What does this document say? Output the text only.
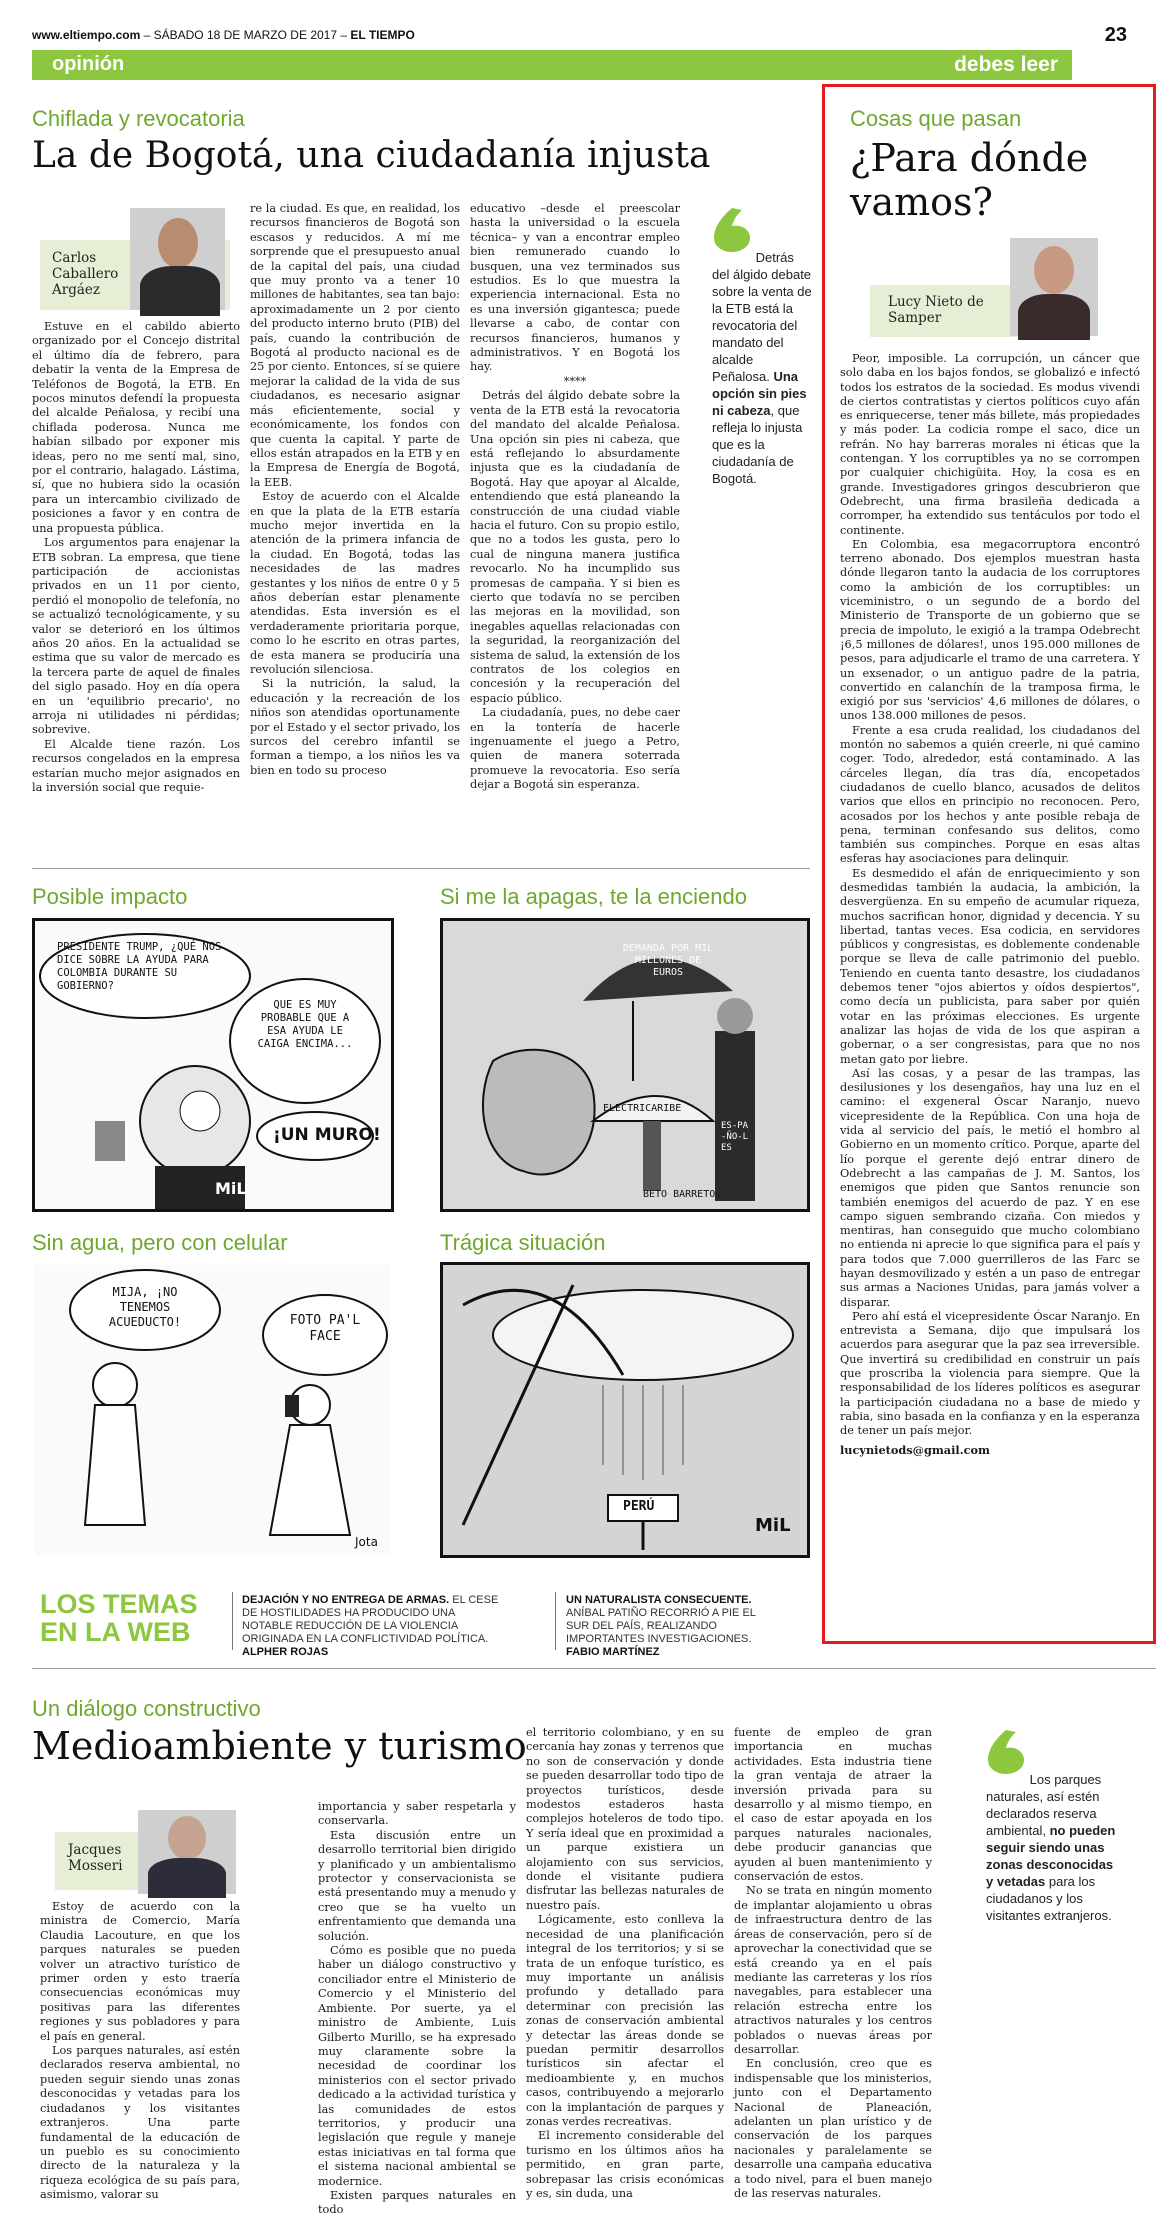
www.eltiempo.com – SÁBADO 18 DE MARZO DE 2017 – EL TIEMPO	23
opinión	debes leer
Chiflada y revocatoria
La de Bogotá, una ciudadanía injusta
Carlos Caballero Argáez

Estuve en el cabildo abierto organizado por el Concejo distrital el último día de febrero, para debatir la venta de la Empresa de Teléfonos de Bogotá, la ETB. En pocos minutos defendí la propuesta del alcalde Peñalosa, y recibí una chiflada poderosa. Nunca me habían silbado por exponer mis ideas, pero no me sentí mal, sino, por el contrario, halagado. Lástima, sí, que no hubiera sido la ocasión para un intercambio civilizado de posiciones a favor y en contra de una propuesta pública.

Los argumentos para enajenar la ETB sobran. La empresa, que tiene participación de accionistas privados en un 11 por ciento, perdió el monopolio de telefonía, no se actualizó tecnológicamente, y su valor se deterioró en los últimos años 20 años. En la actualidad se estima que su valor de mercado es la tercera parte de aquel de finales del siglo pasado. Hoy en día opera en un 'equilibrio precario', no arroja ni utilidades ni pérdidas; sobrevive.

El Alcalde tiene razón. Los recursos congelados en la empresa estarían mucho mejor asignados en la inversión social que requie-

re la ciudad. Es que, en realidad, los recursos financieros de Bogotá son escasos y reducidos. A mí me sorprende que el presupuesto anual de la capital del país, una ciudad que muy pronto va a tener 10 millones de habitantes, sea tan bajo: aproximadamente un 2 por ciento del producto interno bruto (PIB) del país, cuando la contribución de Bogotá al producto nacional es de 25 por ciento. Entonces, sí se quiere mejorar la calidad de la vida de sus ciudadanos, es necesario asignar más eficientemente, social y económicamente, los fondos con que cuenta la capital. Y parte de ellos están atrapados en la ETB y en la Empresa de Energía de Bogotá, la EEB.

Estoy de acuerdo con el Alcalde en que la plata de la ETB estaría mucho mejor invertida en la atención de la primera infancia de la ciudad. En Bogotá, todas las necesidades de las madres gestantes y los niños de entre 0 y 5 años deberían estar plenamente atendidas. Esta inversión es el verdaderamente prioritaria porque, como lo he escrito en otras partes, de esta manera se produciría una revolución silenciosa.

Si la nutrición, la salud, la educación y la recreación de los niños son atendidas oportunamente por el Estado y el sector privado, los surcos del cerebro infantil se forman a tiempo, a los niños les va bien en todo su proceso

educativo –desde el preescolar hasta la universidad o la escuela técnica– y van a encontrar empleo bien remunerado cuando lo busquen, una vez terminados sus estudios. Es lo que muestra la experiencia internacional. Esta no es una inversión gigantesca; puede llevarse a cabo, de contar con recursos financieros, humanos y administrativos. Y en Bogotá los hay.

****

Detrás del álgido debate sobre la venta de la ETB está la revocatoria del mandato del alcalde Peñalosa. Una opción sin pies ni cabeza, que está reflejando lo absurdamente injusta que es la ciudadanía de Bogotá. Hay que apoyar al Alcalde, entendiendo que está planeando la construcción de una ciudad viable hacia el futuro. Con su propio estilo, que no a todos les gusta, pero lo cual de ninguna manera justifica revocarlo. No ha incumplido sus promesas de campaña. Y si bien es cierto que todavía no se perciben las mejoras en la movilidad, son inegables aquellas relacionadas con la seguridad, la reorganización del sistema de salud, la extensión de los contratos de los colegios en concesión y la recuperación del espacio público.

La ciudadanía, pues, no debe caer en la tontería de hacerle ingenuamente el juego a Petro, quien de manera soterrada promueve la revocatoria. Eso sería dejar a Bogotá sin esperanza.

Detrás del álgido debate sobre la venta de la ETB está la revocatoria del mandato del alcalde Peñalosa. Una opción sin pies ni cabeza, que refleja lo injusta que es la ciudadanía de Bogotá.
Posible impacto
PRESIDENTE TRUMP, ¿QUÉ NOS DICE SOBRE LA AYUDA PARA COLOMBIA DURANTE SU GOBIERNO?
QUE ES MUY PROBABLE QUE A ESA AYUDA LE CAIGA ENCIMA...
¡UN MURO!
MiL
Si me la apagas, te la enciendo
DEMANDA POR MIL MILLONES DE EUROS
ELECTRICARIBE
ES-PA-ÑO-LES
BETO BARRETO.
Sin agua, pero con celular
MIJA, ¡NO TENEMOS ACUEDUCTO!	FOTO PA'L FACE
Jota
Trágica situación
PERÚ
MiL
LOS TEMAS
EN LA WEB
DEJACIÓN Y NO ENTREGA DE ARMAS. EL CESE DE HOSTILIDADES HA PRODUCIDO UNA NOTABLE REDUCCIÓN DE LA VIOLENCIA ORIGINADA EN LA CONFLICTIVIDAD POLÍTICA. ALPHER ROJAS
UN NATURALISTA CONSECUENTE. ANÍBAL PATIÑO RECORRIÓ A PIE EL SUR DEL PAÍS, REALIZANDO IMPORTANTES INVESTIGACIONES. FABIO MARTÍNEZ
Cosas que pasan
¿Para dónde
vamos?
Lucy Nieto de Samper

Peor, imposible. La corrupción, un cáncer que solo daba en los bajos fondos, se globalizó e infectó todos los estratos de la sociedad. Es modus vivendi de ciertos contratistas y ciertos políticos cuyo afán es enriquecerse, tener más billete, más propiedades y más poder. La codicia rompe el saco, dice un refrán. No hay barreras morales ni éticas que la contengan. Y los corruptibles ya no se corrompen por cualquier chichigüita. Hoy, la cosa es en grande. Investigadores gringos descubrieron que Odebrecht, una firma brasileña dedicada a corromper, ha extendido sus tentáculos por todo el continente.

En Colombia, esa megacorruptora encontró terreno abonado. Dos ejemplos muestran hasta dónde llegaron tanto la audacia de los corruptores como la ambición de los corruptibles: un viceministro, o un segundo de a bordo del Ministerio de Transporte de un gobierno que se precia de impoluto, le exigió a la trampa Odebrecht ¡6,5 millones de dólares!, unos 195.000 millones de pesos, para adjudicarle el tramo de una carretera. Y un exsenador, o un antiguo padre de la patria, convertido en calanchín de la tramposa firma, le exigió por sus 'servicios' 4,6 millones de dólares, o unos 138.000 millones de pesos.

Frente a esa cruda realidad, los ciudadanos del montón no sabemos a quién creerle, ni qué camino coger. Todo, alrededor, está contaminado. A las cárceles llegan, día tras día, encopetados ciudadanos de cuello blanco, acusados de delitos varios que ellos en principio no reconocen. Pero, acosados por los hechos y ante posible rebaja de pena, terminan confesando sus delitos, como también sus compinches. Porque en esas altas esferas hay asociaciones para delinquir.

Es desmedido el afán de enriquecimiento y son desmedidas también la audacia, la ambición, la desvergüenza. En su empeño de acumular riqueza, muchos sacrifican honor, dignidad y decencia. Y su libertad, tantas veces. Esa codicia, en servidores públicos y congresistas, es doblemente condenable porque se lleva de calle patrimonio del pueblo. Teniendo en cuenta tanto desastre, los ciudadanos debemos tener "ojos abiertos y oídos despiertos", como decía un publicista, para saber por quién votar en las próximas elecciones. Es urgente analizar las hojas de vida de los que aspiran a gobernar, o a ser congresistas, para que no nos metan gato por liebre.

Así las cosas, y a pesar de las trampas, las desilusiones y los desengaños, hay una luz en el camino: el exgeneral Óscar Naranjo, nuevo vicepresidente de la República. Con una hoja de vida al servicio del país, le metió el hombro al Gobierno en un momento crítico. Porque, aparte del lío porque el gerente dejó entrar dinero de Odebrecht a las campañas de J. M. Santos, los enemigos que piden que Santos renuncie son también enemigos del acuerdo de paz. Y en ese campo siguen sembrando cizaña. Con miedos y mentiras, han conseguido que mucho colombiano no entienda ni aprecie lo que significa para el país y para todos que 7.000 guerrilleros de las Farc se hayan desmovilizado y estén a un paso de entregar sus armas a Naciones Unidas, para jamás volver a disparar.

Pero ahí está el vicepresidente Óscar Naranjo. En entrevista a Semana, dijo que impulsará los acuerdos para asegurar que la paz sea irreversible. Que invertirá su credibilidad en construir un país que proscriba la violencia para siempre. Que la responsabilidad de los líderes políticos es asegurar la participación ciudadana no a base de miedo y rabia, sino basada en la confianza y en la esperanza de tener un país mejor.

lucynietods@gmail.com

Un diálogo constructivo
Medioambiente y turismo
Jacques Mosseri

Estoy de acuerdo con la ministra de Comercio, María Claudia Lacouture, en que los parques naturales se pueden volver un atractivo turístico de primer orden y esto traería consecuencias económicas muy positivas para las diferentes regiones y sus pobladores y para el país en general.

Los parques naturales, así estén declarados reserva ambiental, no pueden seguir siendo unas zonas desconocidas y vetadas para los ciudadanos y los visitantes extranjeros. Una parte fundamental de la educación de un pueblo es su conocimiento directo de la naturaleza y la riqueza ecológica de su país para, asimismo, valorar su

importancia y saber respetarla y conservarla.

Esta discusión entre un desarrollo territorial bien dirigido y planificado y un ambientalismo protector y conservacionista se está presentando muy a menudo y creo que se ha vuelto un enfrentamiento que demanda una solución.

Cómo es posible que no pueda haber un diálogo constructivo y conciliador entre el Ministerio de Comercio y el Ministerio del Ambiente. Por suerte, ya el ministro de Ambiente, Luis Gilberto Murillo, se ha expresado muy claramente sobre la necesidad de coordinar los ministerios con el sector privado dedicado a la actividad turística y las comunidades de estos territorios, y producir una legislación que regule y maneje estas iniciativas en tal forma que el sistema nacional ambiental se modernice.

Existen parques naturales en todo

el territorio colombiano, y en su cercanía hay zonas y terrenos que no son de conservación y donde se pueden desarrollar todo tipo de proyectos turísticos, desde modestos estaderos hasta complejos hoteleros de todo tipo. Y sería ideal que en proximidad a un parque existiera un alojamiento con sus servicios, donde el visitante pudiera disfrutar las bellezas naturales de nuestro país.

Lógicamente, esto conlleva la necesidad de una planificación integral de los territorios; y si se trata de un enfoque turístico, es muy importante un análisis profundo y detallado para determinar con precisión las zonas de conservación ambiental y detectar las áreas donde se puedan permitir desarrollos turísticos sin afectar el medioambiente y, en muchos casos, contribuyendo a mejorarlo con la implantación de parques y zonas verdes recreativas.

El incremento considerable del turismo en los últimos años ha permitido, en gran parte, sobrepasar las crisis económicas y es, sin duda, una

fuente de empleo de gran importancia en muchas actividades. Esta industria tiene la gran ventaja de atraer la inversión privada para su desarrollo y al mismo tiempo, en el caso de estar apoyada en los parques naturales nacionales, debe producir ganancias que ayuden al buen mantenimiento y conservación de estos.

No se trata en ningún momento de implantar alojamiento u obras de infraestructura dentro de las áreas de conservación, pero sí de aprovechar la conectividad que se está creando ya en el país mediante las carreteras y los ríos navegables, para establecer una relación estrecha entre los atractivos naturales y los centros poblados o nuevas áreas por desarrollar.

En conclusión, creo que es indispensable que los ministerios, junto con el Departamento Nacional de Planeación, adelanten un plan urístico y de conservación de los parques nacionales y paralelamente se desarrolle una campaña educativa a todo nivel, para el buen manejo de las reservas naturales.

Los parques naturales, así estén declarados reserva ambiental, no pueden seguir siendo unas zonas desconocidas y vetadas para los ciudadanos y los visitantes extranjeros.
